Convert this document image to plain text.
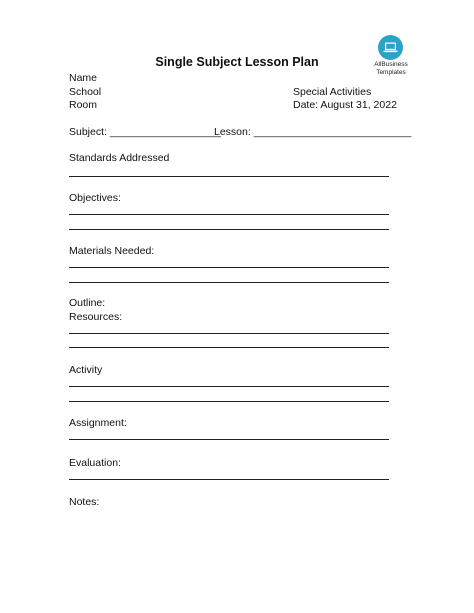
Single Subject Lesson Plan	AllBusiness
Templates
Name
School
Room
Special Activities
Date: August 31, 2022
Subject: ___________________
Lesson: ___________________________
Standards Addressed
Objectives:
Materials Needed:
Outline:
Resources:
Activity
Assignment:
Evaluation:
Notes:
